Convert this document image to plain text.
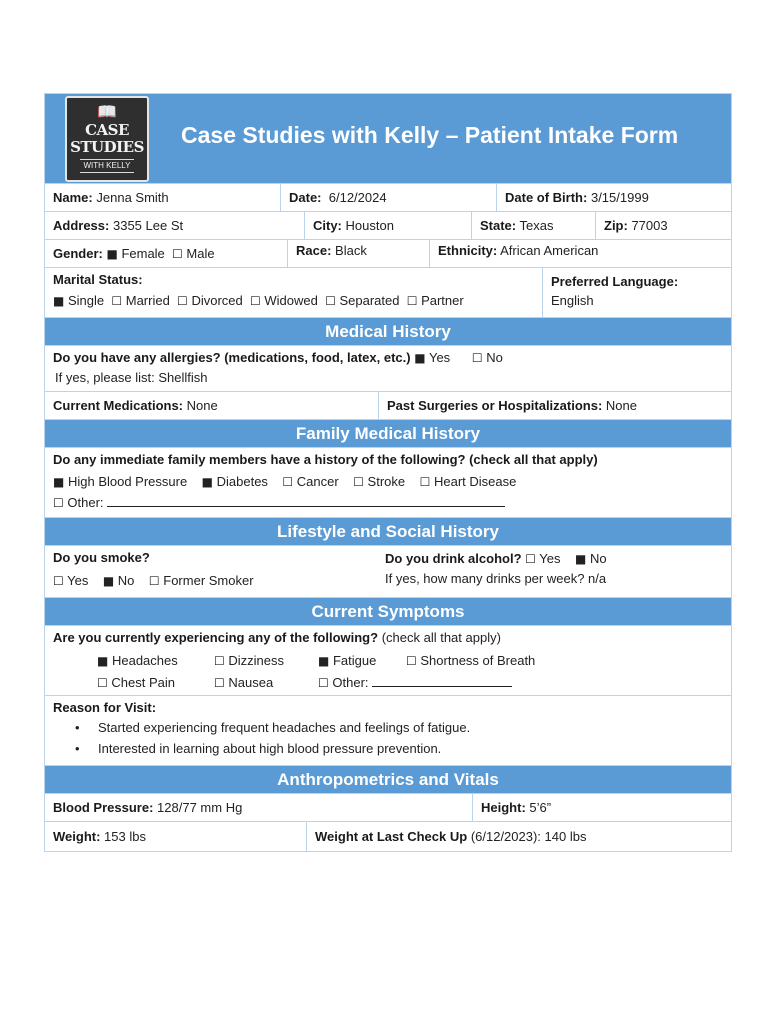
📖
CASE STUDIES
WITH KELLY
Case Studies with Kelly – Patient Intake Form
Name: Jenna Smith	Date: 6/12/2024	Date of Birth: 3/15/1999
Address: 3355 Lee St	City: Houston	State: Texas	Zip: 77003
Gender: ■ Female ☐ Male	Race: Black	Ethnicity: African American
Marital Status:
■ Single ☐ Married ☐ Divorced ☐ Widowed ☐ Separated ☐ Partner
Preferred Language:
English
Medical History
Do you have any allergies? (medications, food, latex, etc.) ■ Yes ☐ No
If yes, please list: Shellfish
Current Medications: None	Past Surgeries or Hospitalizations: None
Family Medical History
Do any immediate family members have a history of the following? (check all that apply)
■ High Blood Pressure ■ Diabetes ☐ Cancer ☐ Stroke ☐ Heart Disease
☐ Other:
Lifestyle and Social History
Do you smoke?
☐ Yes ■ No ☐ Former Smoker
Do you drink alcohol? ☐ Yes ■ No
If yes, how many drinks per week? n/a
Current Symptoms
Are you currently experiencing any of the following? (check all that apply)
■ Headaches	☐ Dizziness	■ Fatigue	☐ Shortness of Breath
☐ Chest Pain	☐ Nausea	☐ Other:
Reason for Visit:
• Started experiencing frequent headaches and feelings of fatigue.
• Interested in learning about high blood pressure prevention.
Anthropometrics and Vitals
Blood Pressure: 128/77 mm Hg	Height: 5’6”
Weight: 153 lbs	Weight at Last Check Up (6/12/2023): 140 lbs
